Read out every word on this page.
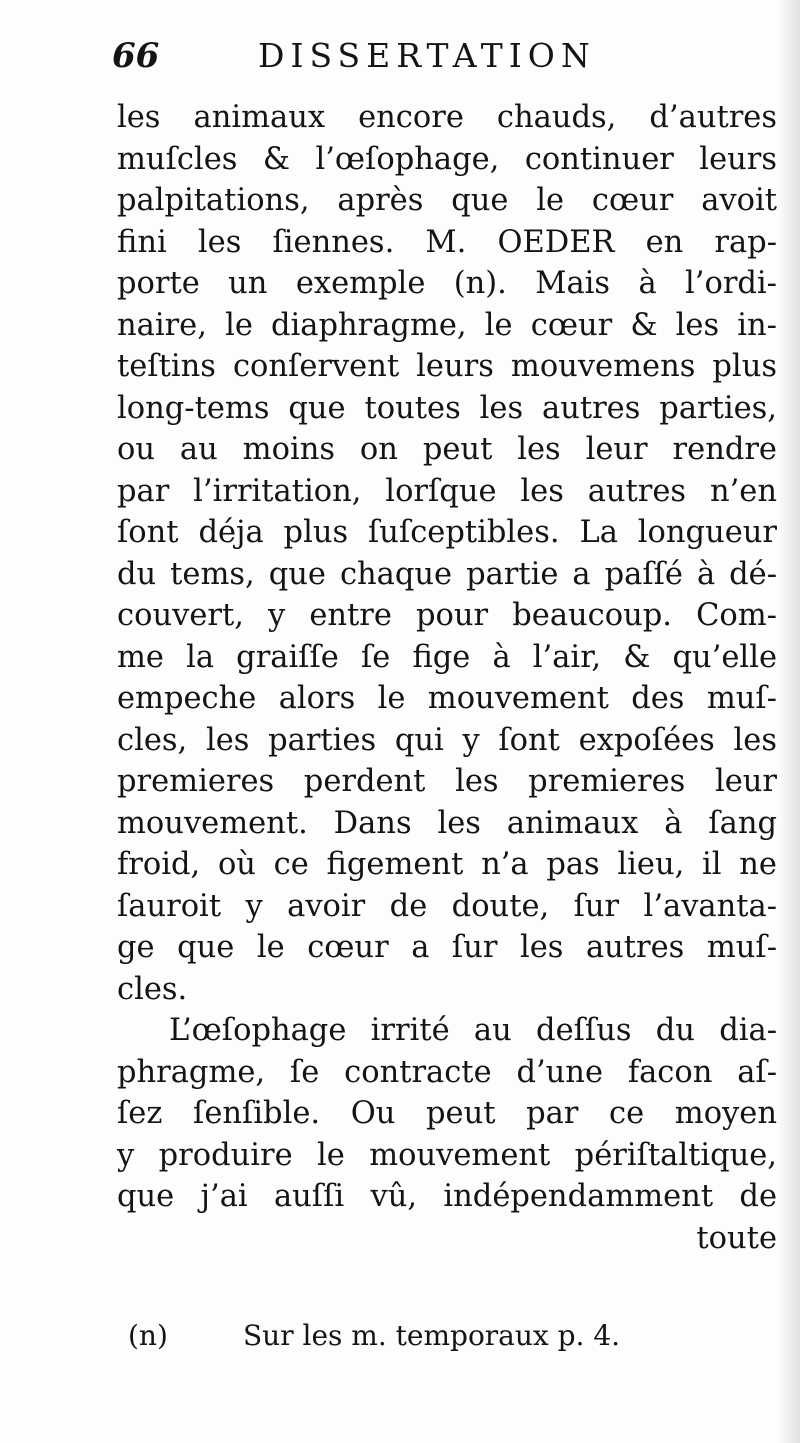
66	DISSERTATION
les animaux encore chauds, d’autres
muſcles & l’œſophage, continuer leurs
palpitations, après que le cœur avoit
fini les ſiennes. M. OEDER en rap-
porte un exemple (n). Mais à l’ordi-
naire, le diaphragme, le cœur & les in-
teſtins conſervent leurs mouvemens plus
long-tems que toutes les autres parties,
ou au moins on peut les leur rendre
par l’irritation, lorſque les autres n’en
ſont déja plus ſuſceptibles. La longueur
du tems, que chaque partie a paſſé à dé-
couvert, y entre pour beaucoup. Com-
me la graiſſe ſe fige à l’air, & qu’elle
empeche alors le mouvement des muſ-
cles, les parties qui y ſont expoſées les
premieres perdent les premieres leur
mouvement. Dans les animaux à ſang
froid, où ce figement n’a pas lieu, il ne
ſauroit y avoir de doute, ſur l’avanta-
ge que le cœur a ſur les autres muſ-
cles.
L’œſophage irrité au deſſus du dia-
phragme, ſe contracte d’une facon aſ-
ſez ſenſible. Ou peut par ce moyen
y produire le mouvement périſtaltique,
que j’ai auſſi vû, indépendamment de
toute
(n)	Sur les m. temporaux p. 4.
